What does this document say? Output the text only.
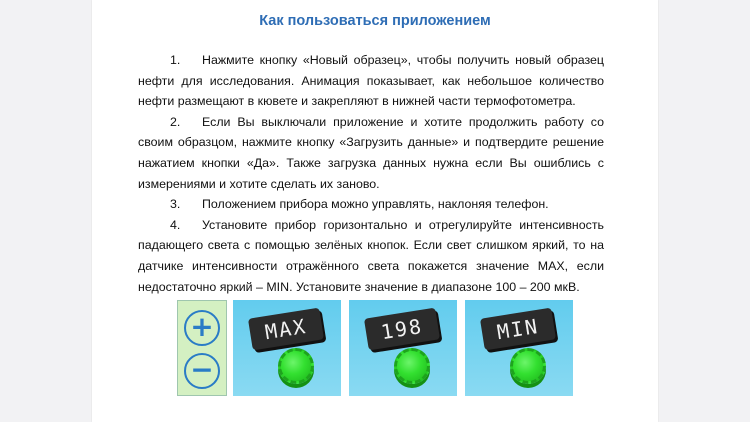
Как пользоваться приложением

1. Нажмите кнопку «Новый образец», чтобы получить новый образец нефти для исследования. Анимация показывает, как небольшое количество нефти размещают в кювете и закрепляют в нижней части термофотометра.

2. Если Вы выключали приложение и хотите продолжить работу со своим образцом, нажмите кнопку «Загрузить данные» и подтвердите решение нажатием кнопки «Да». Также загрузка данных нужна если Вы ошиблись с измерениями и хотите сделать их заново.

3. Положением прибора можно управлять, наклоняя телефон.

4. Установите прибор горизонтально и отрегулируйте интенсивность падающего света с помощью зелёных кнопок. Если свет слишком яркий, то на датчике интенсивности отражённого света покажется значение MAX, если недостаточно яркий – MIN. Установите значение в диапазоне 100 – 200 мкВ.

+
−
MAX	198	MIN
